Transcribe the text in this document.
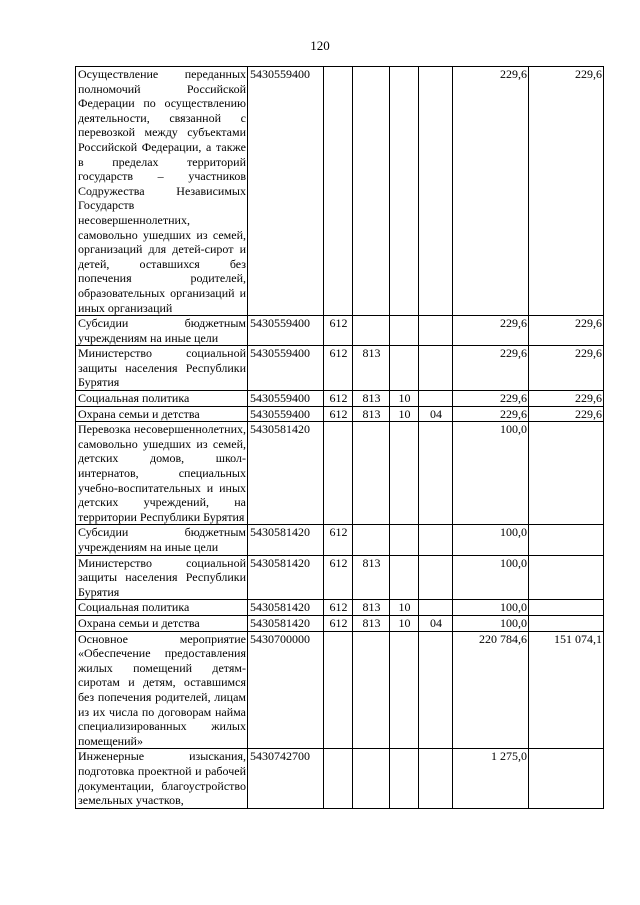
120
Осуществление переданных полномочий Российской Федерации по осуществлению деятельности, связанной с перевозкой между субъектами Российской Федерации, а также в пределах территорий государств – участников Содружества Независимых Государств несовершеннолетних, самовольно ушедших из семей, организаций для детей-сирот и детей, оставшихся без попечения родителей, образовательных организаций и иных организаций	5430559400					229,6	229,6
Субсидии бюджетным учреждениям на иные цели	5430559400	612				229,6	229,6
Министерство социальной защиты населения Республики Бурятия	5430559400	612	813			229,6	229,6
Социальная политика	5430559400	612	813	10		229,6	229,6
Охрана семьи и детства	5430559400	612	813	10	04	229,6	229,6
Перевозка несовершеннолетних, самовольно ушедших из семей, детских домов, школ-интернатов, специальных учебно-воспитательных и иных детских учреждений, на территории Республики Бурятия	5430581420					100,0	
Субсидии бюджетным учреждениям на иные цели	5430581420	612				100,0	
Министерство социальной защиты населения Республики Бурятия	5430581420	612	813			100,0	
Социальная политика	5430581420	612	813	10		100,0	
Охрана семьи и детства	5430581420	612	813	10	04	100,0	
Основное мероприятие «Обеспечение предоставления жилых помещений детям-сиротам и детям, оставшимся без попечения родителей, лицам из их числа по договорам найма специализированных жилых помещений»	5430700000					220 784,6	151 074,1
Инженерные изыскания, подготовка проектной и рабочей документации, благоустройство земельных участков,	5430742700					1 275,0	
